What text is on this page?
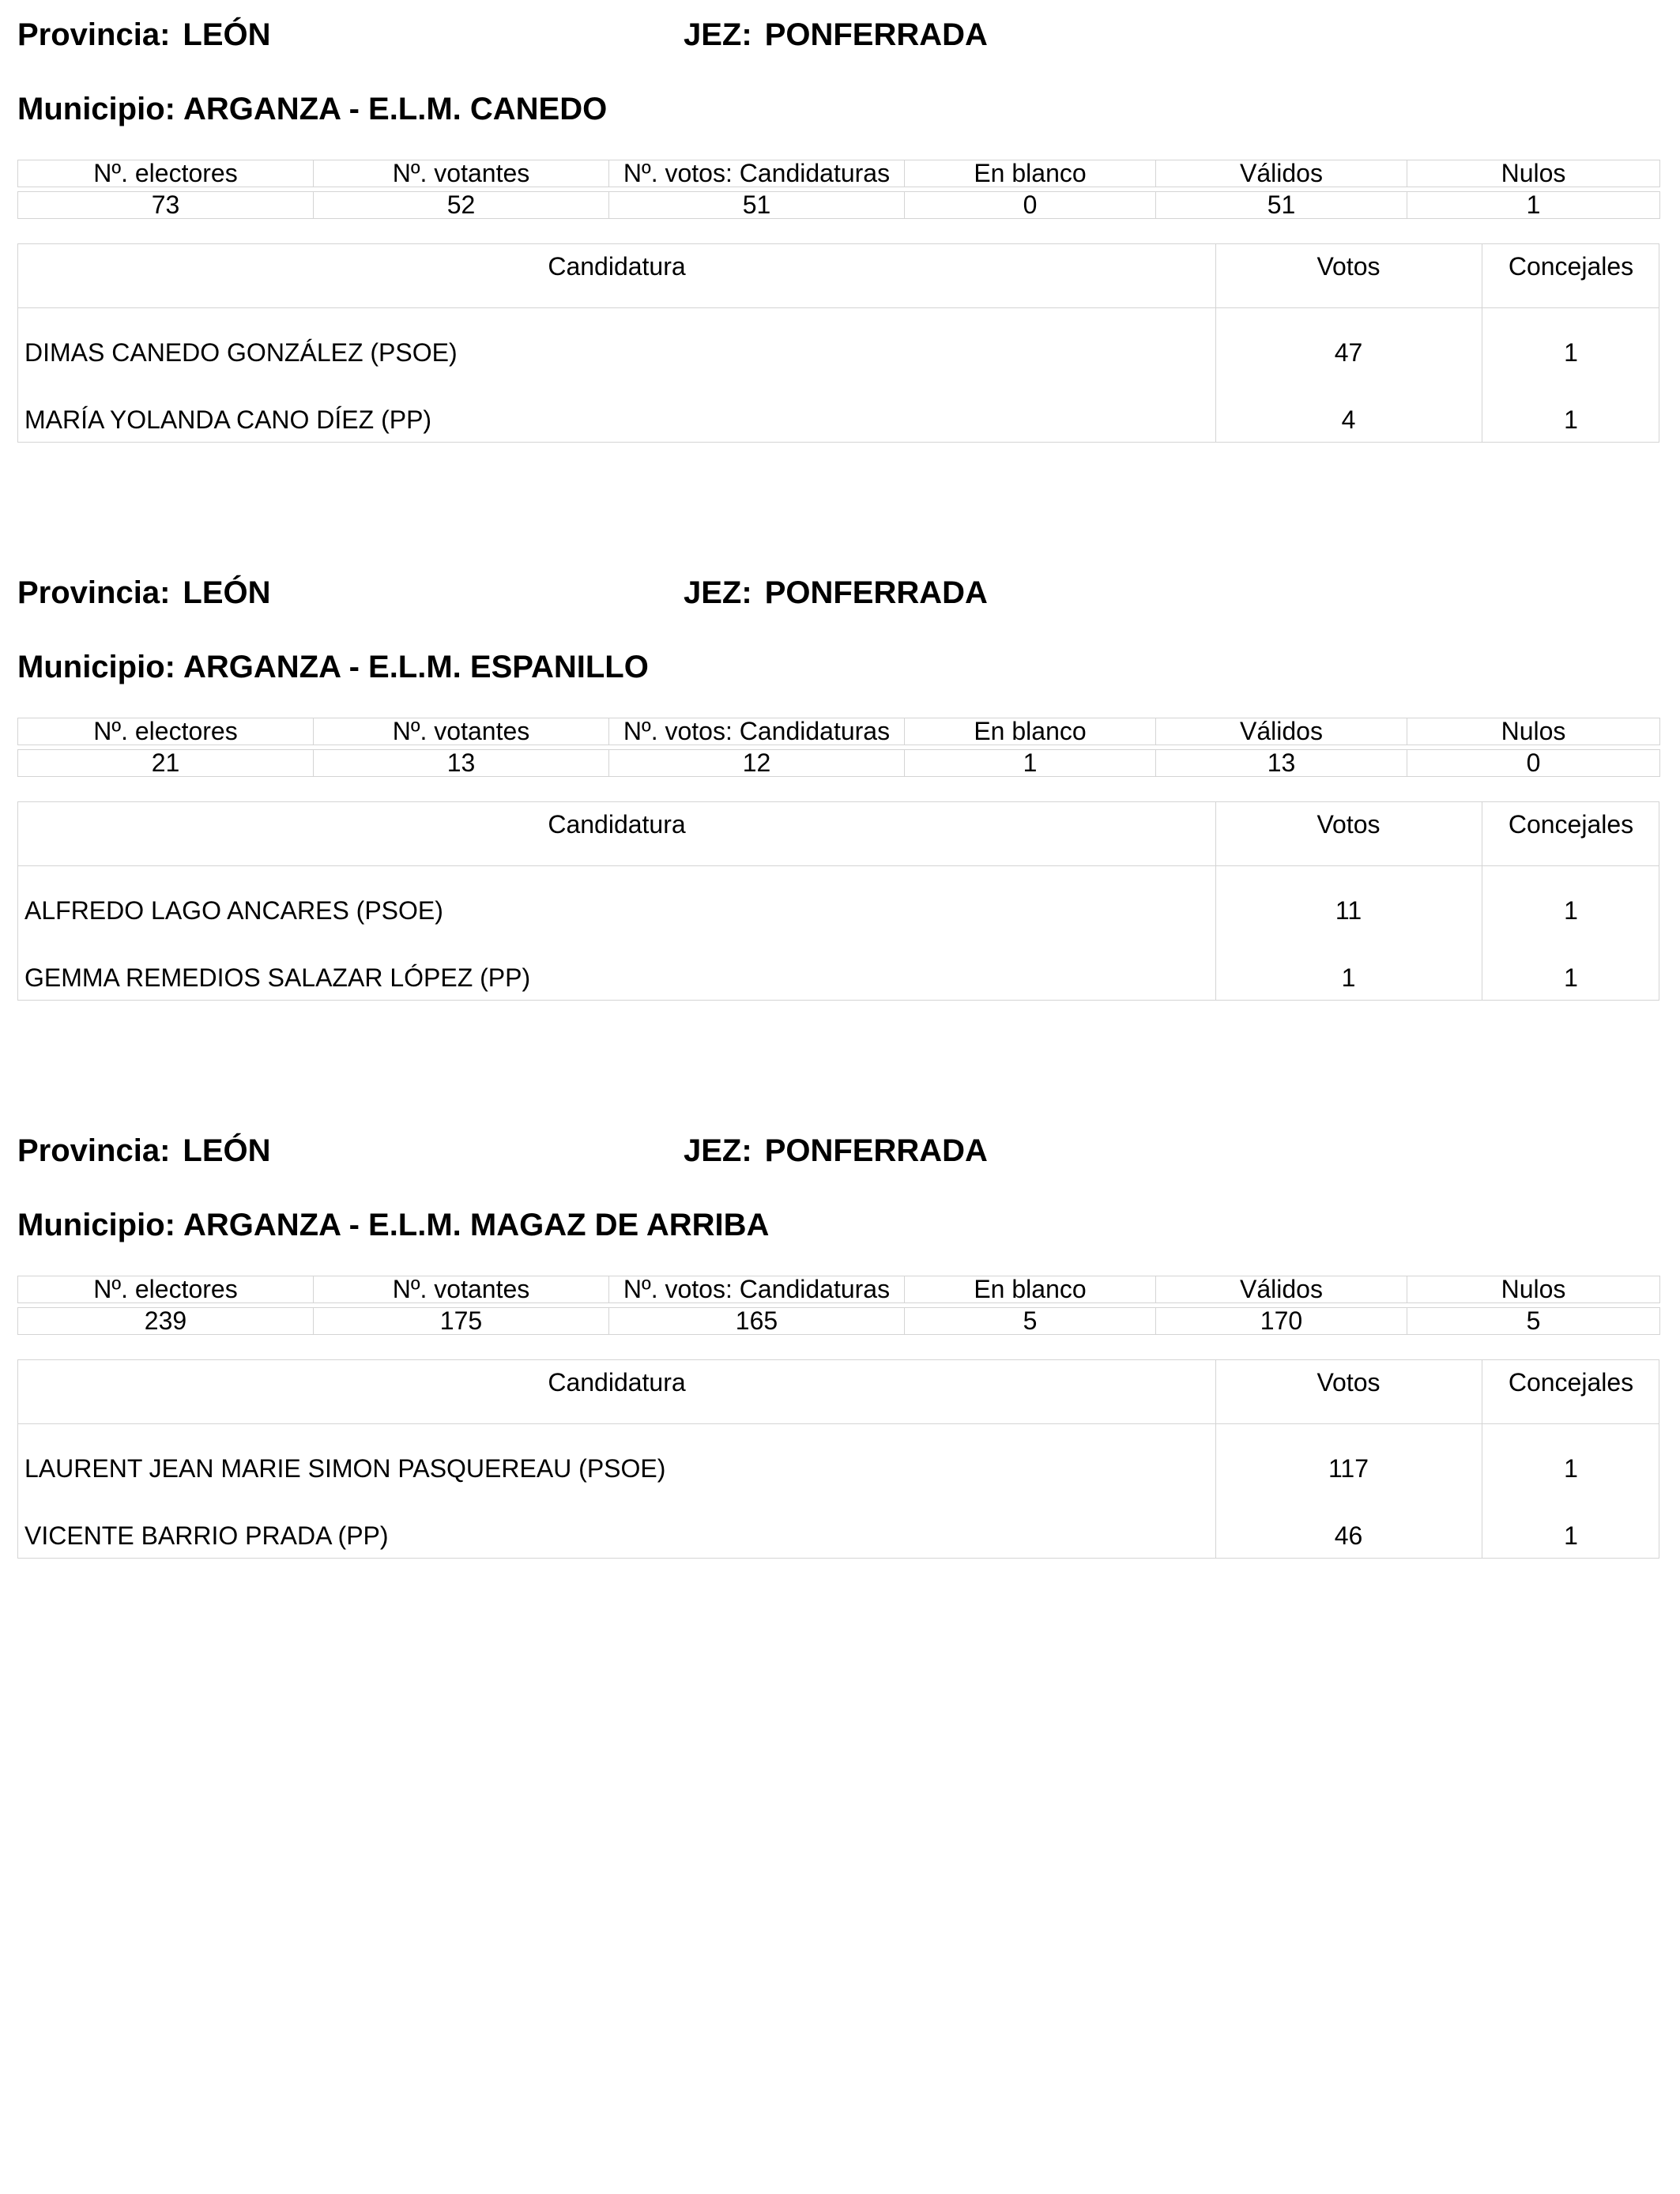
Provincia: LEÓN	JEZ: PONFERRADA
Municipio: ARGANZA - E.L.M. CANEDO
Nº. electores	Nº. votantes	Nº. votos: Candidaturas	En blanco	Válidos	Nulos

73	52	51	0	51	1
Candidatura	Votos	Concejales
DIMAS CANEDO GONZÁLEZ (PSOE)	47	1
MARÍA YOLANDA CANO DÍEZ (PP)	4	1
Provincia: LEÓN	JEZ: PONFERRADA
Municipio: ARGANZA - E.L.M. ESPANILLO
Nº. electores	Nº. votantes	Nº. votos: Candidaturas	En blanco	Válidos	Nulos

21	13	12	1	13	0
Candidatura	Votos	Concejales
ALFREDO LAGO ANCARES (PSOE)	11	1
GEMMA REMEDIOS SALAZAR LÓPEZ (PP)	1	1
Provincia: LEÓN	JEZ: PONFERRADA
Municipio: ARGANZA - E.L.M. MAGAZ DE ARRIBA
Nº. electores	Nº. votantes	Nº. votos: Candidaturas	En blanco	Válidos	Nulos

239	175	165	5	170	5
Candidatura	Votos	Concejales
LAURENT JEAN MARIE SIMON PASQUEREAU (PSOE)	117	1
VICENTE BARRIO PRADA (PP)	46	1
